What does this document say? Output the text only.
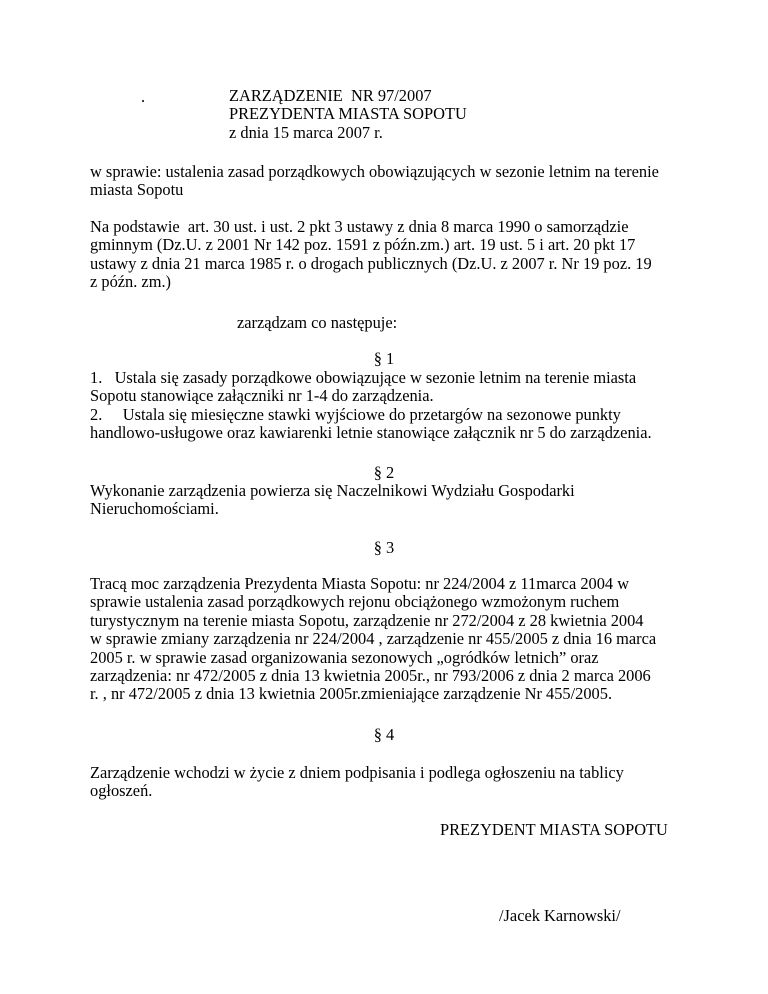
.	ZARZĄDZENIE  NR 97/2007
PREZYDENTA MIASTA SOPOTU
z dnia 15 marca 2007 r.
w sprawie: ustalenia zasad porządkowych obowiązujących w sezonie letnim na terenie
miasta Sopotu
Na podstawie  art. 30 ust. i ust. 2 pkt 3 ustawy z dnia 8 marca 1990 o samorządzie
gminnym (Dz.U. z 2001 Nr 142 poz. 1591 z późn.zm.) art. 19 ust. 5 i art. 20 pkt 17
ustawy z dnia 21 marca 1985 r. o drogach publicznych (Dz.U. z 2007 r. Nr 19 poz. 19
z późn. zm.)
zarządzam co następuje:
§ 1
1.   Ustala się zasady porządkowe obowiązujące w sezonie letnim na terenie miasta
Sopotu stanowiące załączniki nr 1-4 do zarządzenia.
2.     Ustala się miesięczne stawki wyjściowe do przetargów na sezonowe punkty
handlowo-usługowe oraz kawiarenki letnie stanowiące załącznik nr 5 do zarządzenia.
§ 2
Wykonanie zarządzenia powierza się Naczelnikowi Wydziału Gospodarki
Nieruchomościami.
§ 3
Tracą moc zarządzenia Prezydenta Miasta Sopotu: nr 224/2004 z 11marca 2004 w
sprawie ustalenia zasad porządkowych rejonu obciążonego wzmożonym ruchem
turystycznym na terenie miasta Sopotu, zarządzenie nr 272/2004 z 28 kwietnia 2004
w sprawie zmiany zarządzenia nr 224/2004 , zarządzenie nr 455/2005 z dnia 16 marca
2005 r. w sprawie zasad organizowania sezonowych „ogródków letnich” oraz
zarządzenia: nr 472/2005 z dnia 13 kwietnia 2005r., nr 793/2006 z dnia 2 marca 2006
r. , nr 472/2005 z dnia 13 kwietnia 2005r.zmieniające zarządzenie Nr 455/2005.
§ 4
Zarządzenie wchodzi w życie z dniem podpisania i podlega ogłoszeniu na tablicy
ogłoszeń.
PREZYDENT MIASTA SOPOTU
/Jacek Karnowski/
